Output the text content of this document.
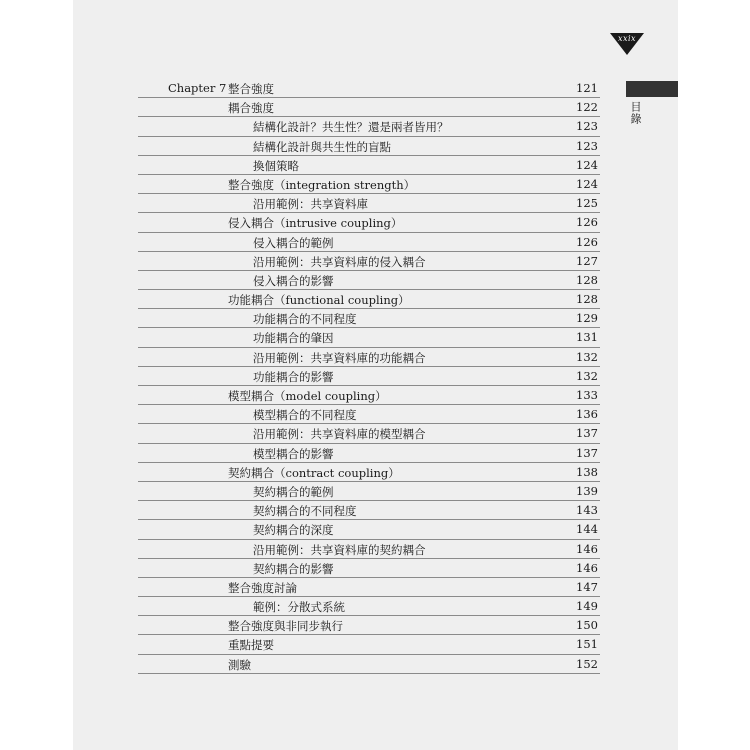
xxix
目錄
Chapter 7 整合強度	121
耦合強度	122
結構化設計？共生性？還是兩者皆用？	123
結構化設計與共生性的盲點	123
換個策略	124
整合強度（integration strength）	124
沿用範例：共享資料庫	125
侵入耦合（intrusive coupling）	126
侵入耦合的範例	126
沿用範例：共享資料庫的侵入耦合	127
侵入耦合的影響	128
功能耦合（functional coupling）	128
功能耦合的不同程度	129
功能耦合的肇因	131
沿用範例：共享資料庫的功能耦合	132
功能耦合的影響	132
模型耦合（model coupling）	133
模型耦合的不同程度	136
沿用範例：共享資料庫的模型耦合	137
模型耦合的影響	137
契約耦合（contract coupling）	138
契約耦合的範例	139
契約耦合的不同程度	143
契約耦合的深度	144
沿用範例：共享資料庫的契約耦合	146
契約耦合的影響	146
整合強度討論	147
範例：分散式系統	149
整合強度與非同步執行	150
重點提要	151
測驗	152
